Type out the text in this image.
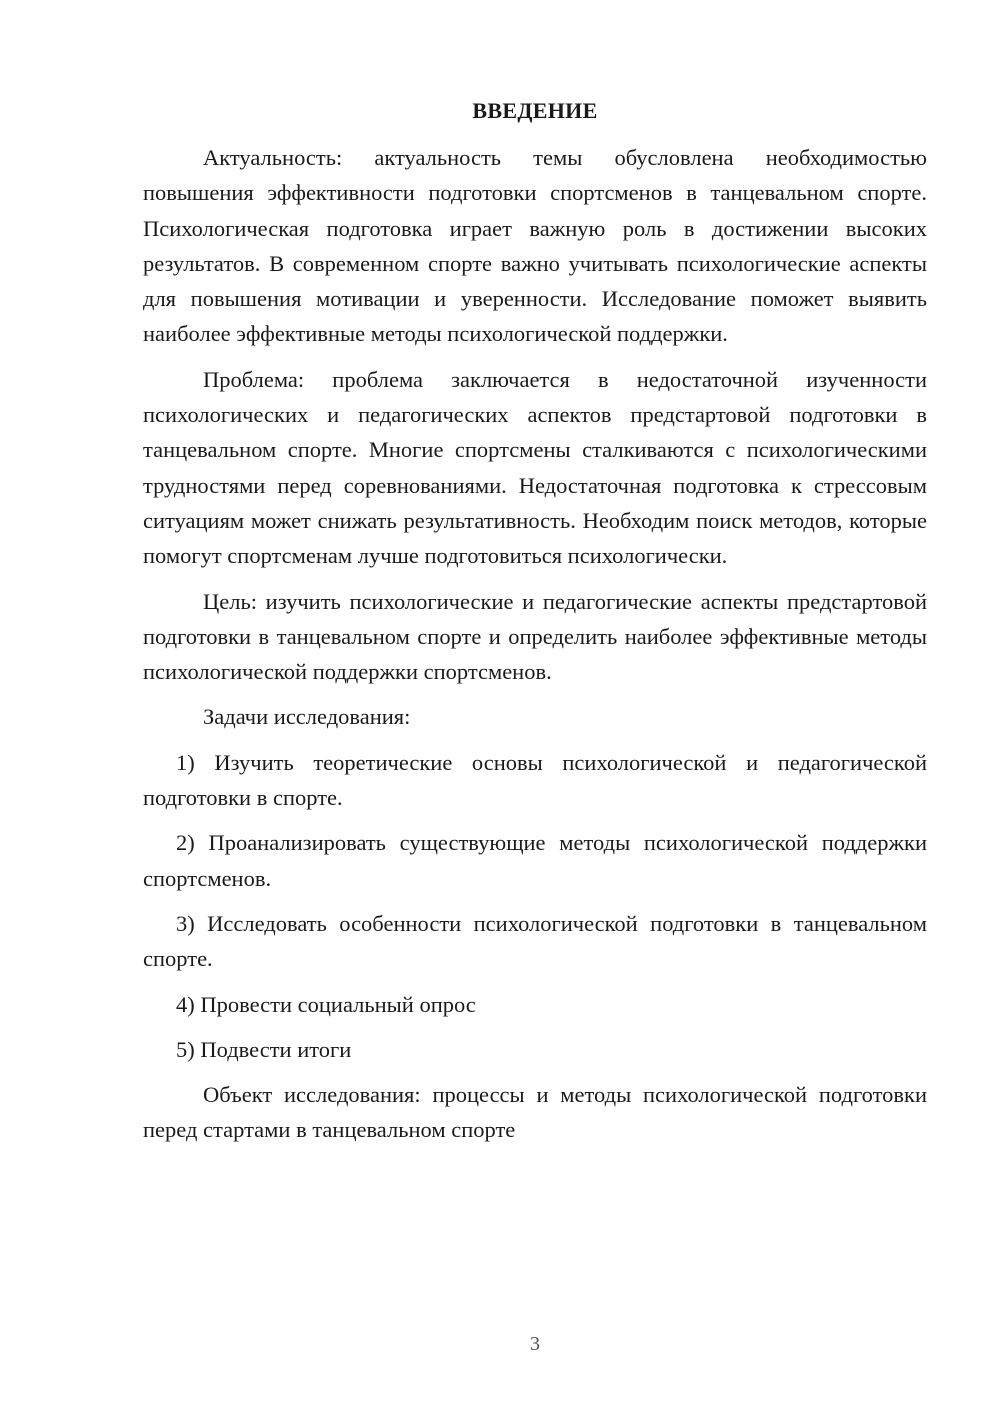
ВВЕДЕНИЕ

Актуальность: актуальность темы обусловлена необходимостью повышения эффективности подготовки спортсменов в танцевальном спорте. Психологическая подготовка играет важную роль в достижении высоких результатов. В современном спорте важно учитывать психологические аспекты для повышения мотивации и уверенности. Исследование поможет выявить наиболее эффективные методы психологической поддержки.

Проблема: проблема заключается в недостаточной изученности психологических и педагогических аспектов предстартовой подготовки в танцевальном спорте. Многие спортсмены сталкиваются с психологическими трудностями перед соревнованиями. Недостаточная подготовка к стрессовым ситуациям может снижать результативность. Необходим поиск методов, которые помогут спортсменам лучше подготовиться психологически.

Цель: изучить психологические и педагогические аспекты предстартовой подготовки в танцевальном спорте и определить наиболее эффективные методы психологической поддержки спортсменов.

Задачи исследования:

1) Изучить теоретические основы психологической и педагогической подготовки в спорте.

2) Проанализировать существующие методы психологической поддержки спортсменов.

3) Исследовать особенности психологической подготовки в танцевальном спорте.

4) Провести социальный опрос

5) Подвести итоги

Объект исследования: процессы и методы психологической подготовки перед стартами в танцевальном спорте

3
